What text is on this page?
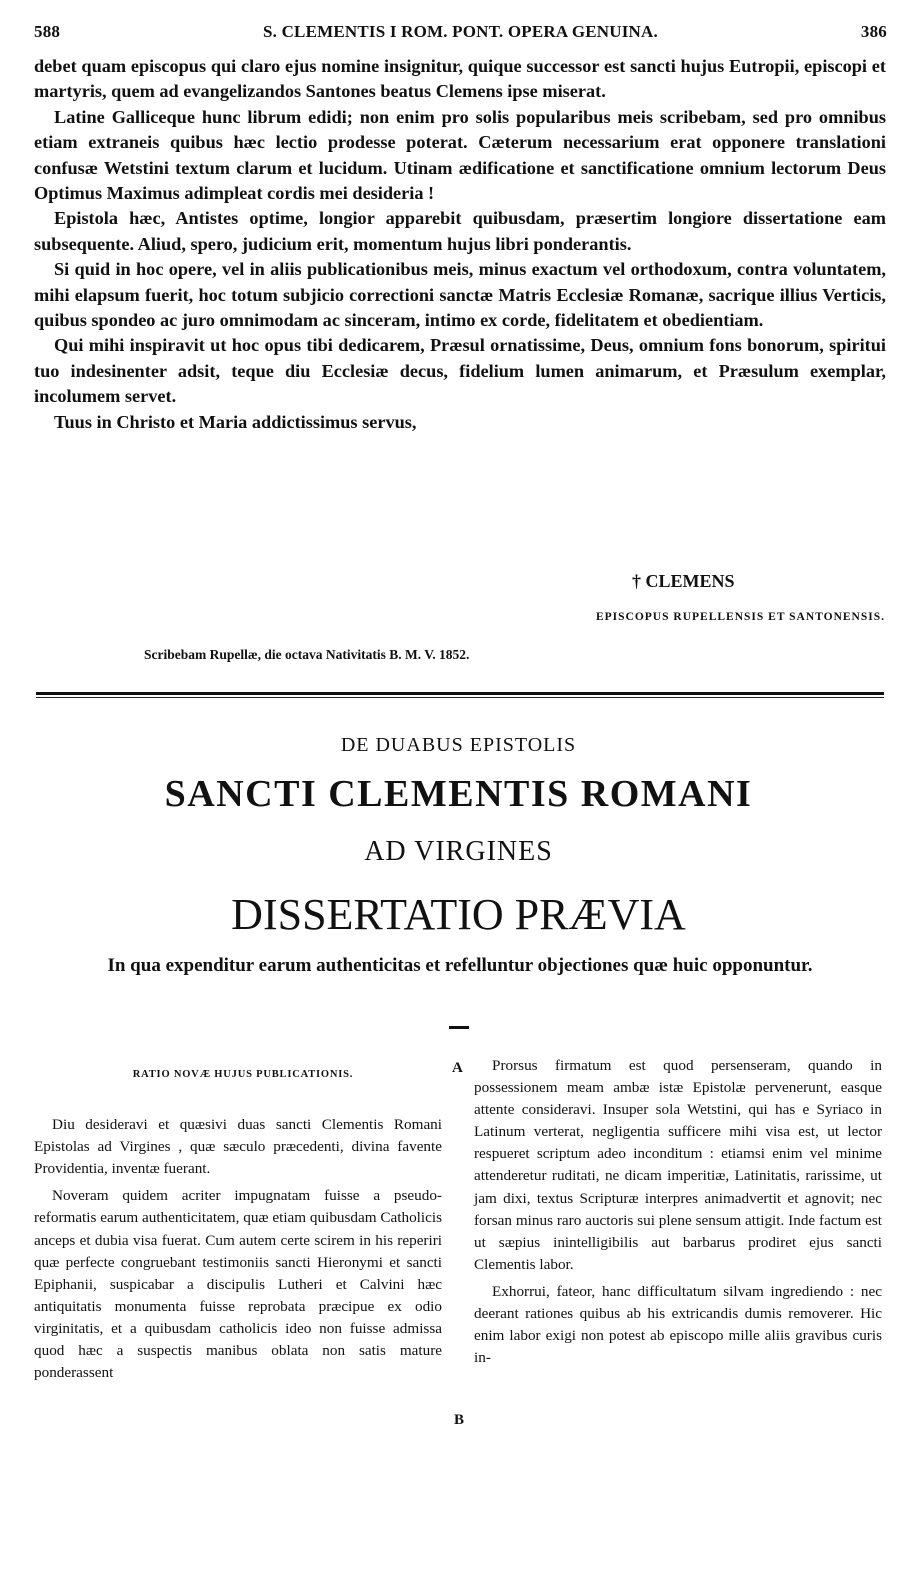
588	S. CLEMENTIS I ROM. PONT. OPERA GENUINA.	386

debet quam episcopus qui claro ejus nomine insignitur, quique successor est sancti hujus Eutropii, episcopi et martyris, quem ad evangelizandos Santones beatus Clemens ipse miserat.

Latine Galliceque hunc librum edidi; non enim pro solis popularibus meis scribebam, sed pro omnibus etiam extraneis quibus hæc lectio prodesse poterat. Cæterum necessarium erat opponere translationi confusæ Wetstini textum clarum et lucidum. Utinam ædificatione et sanctificatione omnium lectorum Deus Optimus Maximus adimpleat cordis mei desideria !

Epistola hæc, Antistes optime, longior apparebit quibusdam, præsertim longiore dissertatione eam subsequente. Aliud, spero, judicium erit, momentum hujus libri ponderantis.

Si quid in hoc opere, vel in aliis publicationibus meis, minus exactum vel orthodoxum, contra voluntatem, mihi elapsum fuerit, hoc totum subjicio correctioni sanctæ Matris Ecclesiæ Romanæ, sacrique illius Verticis, quibus spondeo ac juro omnimodam ac sinceram, intimo ex corde, fidelitatem et obedientiam.

Qui mihi inspiravit ut hoc opus tibi dedicarem, Præsul ornatissime, Deus, omnium fons bonorum, spiritui tuo indesinenter adsit, teque diu Ecclesiæ decus, fidelium lumen animarum, et Præsulum exemplar, incolumem servet.

Tuus in Christo et Maria addictissimus servus,

† CLEMENS
EPISCOPUS RUPELLENSIS ET SANTONENSIS.
Scribebam Rupellæ, die octava Nativitatis B. M. V. 1852.
DE DUABUS EPISTOLIS
SANCTI CLEMENTIS ROMANI
AD VIRGINES
DISSERTATIO PRÆVIA
In qua expenditur earum authenticitas et refelluntur objectiones quæ huic opponuntur.

RATIO NOVÆ HUJUS PUBLICATIONIS.

Diu desideravi et quæsivi duas sancti Clementis Romani Epistolas ad Virgines , quæ sæculo præcedenti, divina favente Providentia, inventæ fuerant.

Noveram quidem acriter impugnatam fuisse a pseudo-reformatis earum authenticitatem, quæ etiam quibusdam Catholicis anceps et dubia visa fuerat. Cum autem certe scirem in his reperiri quæ perfecte congruebant testimoniis sancti Hieronymi et sancti Epiphanii, suspicabar a discipulis Lutheri et Calvini hæc antiquitatis monumenta fuisse reprobata præcipue ex odio virginitatis, et a quibusdam catholicis ideo non fuisse admissa quod hæc a suspectis manibus oblata non satis mature ponderassent

A
B

Prorsus firmatum est quod persenseram, quando in possessionem meam ambæ istæ Epistolæ pervenerunt, easque attente consideravi. Insuper sola Wetstini, qui has e Syriaco in Latinum verterat, negligentia sufficere mihi visa est, ut lector respueret scriptum adeo inconditum : etiamsi enim vel minime attenderetur ruditati, ne dicam imperitiæ, Latinitatis, rarissime, ut jam dixi, textus Scripturæ interpres animadvertit et agnovit; nec forsan minus raro auctoris sui plene sensum attigit. Inde factum est ut sæpius inintelligibilis aut barbarus prodiret ejus sancti Clementis labor.

Exhorrui, fateor, hanc difficultatum silvam ingrediendo : nec deerant rationes quibus ab his extricandis dumis removerer. Hic enim labor exigi non potest ab episcopo mille aliis gravibus curis in-
